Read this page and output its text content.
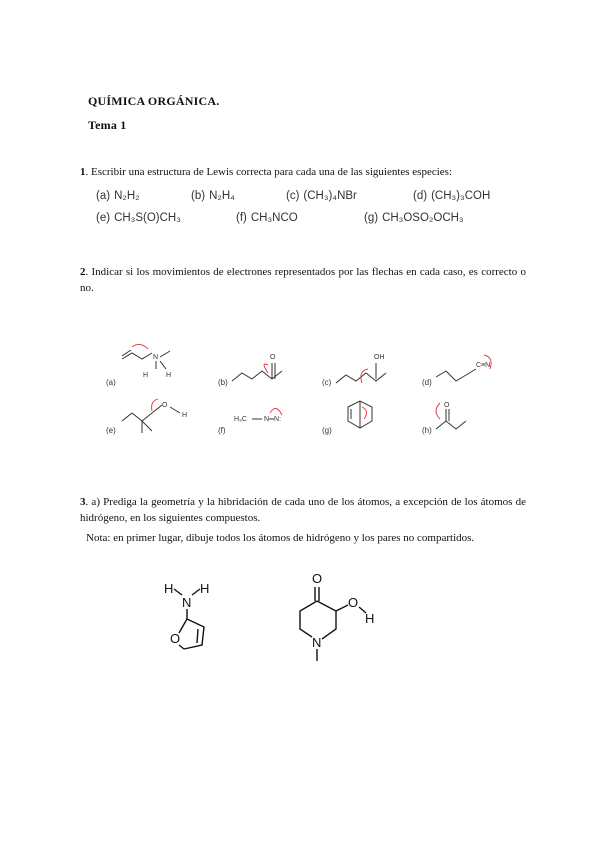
QUÍMICA ORGÁNICA.
Tema 1
1. Escribir una estructura de Lewis correcta para cada una de las siguientes especies:
(a) N₂H₂	(b) N₂H₄	(c) (CH₃)₄NBr	(d) (CH₃)₃COH
(e) CH₃S(O)CH₃	(f) CH₃NCO	(g) CH₃OSO₂OCH₃
2. Indicar si los movimientos de electrones representados por las flechas en cada caso, es correcto o no.
(a)
N
H	H
(b)
O
(c)
OH
(d)
C≡N
(e)
O
H
(f)
H₃C N═N:
(g)	(h)
O
3. a) Prediga la geometría y la hibridación de cada uno de los átomos, a excepción de los átomos de hidrógeno, en los siguientes compuestos.
Nota: en primer lugar, dibuje todos los átomos de hidrógeno y los pares no compartidos.
H H
N
O
O
N
O
H
